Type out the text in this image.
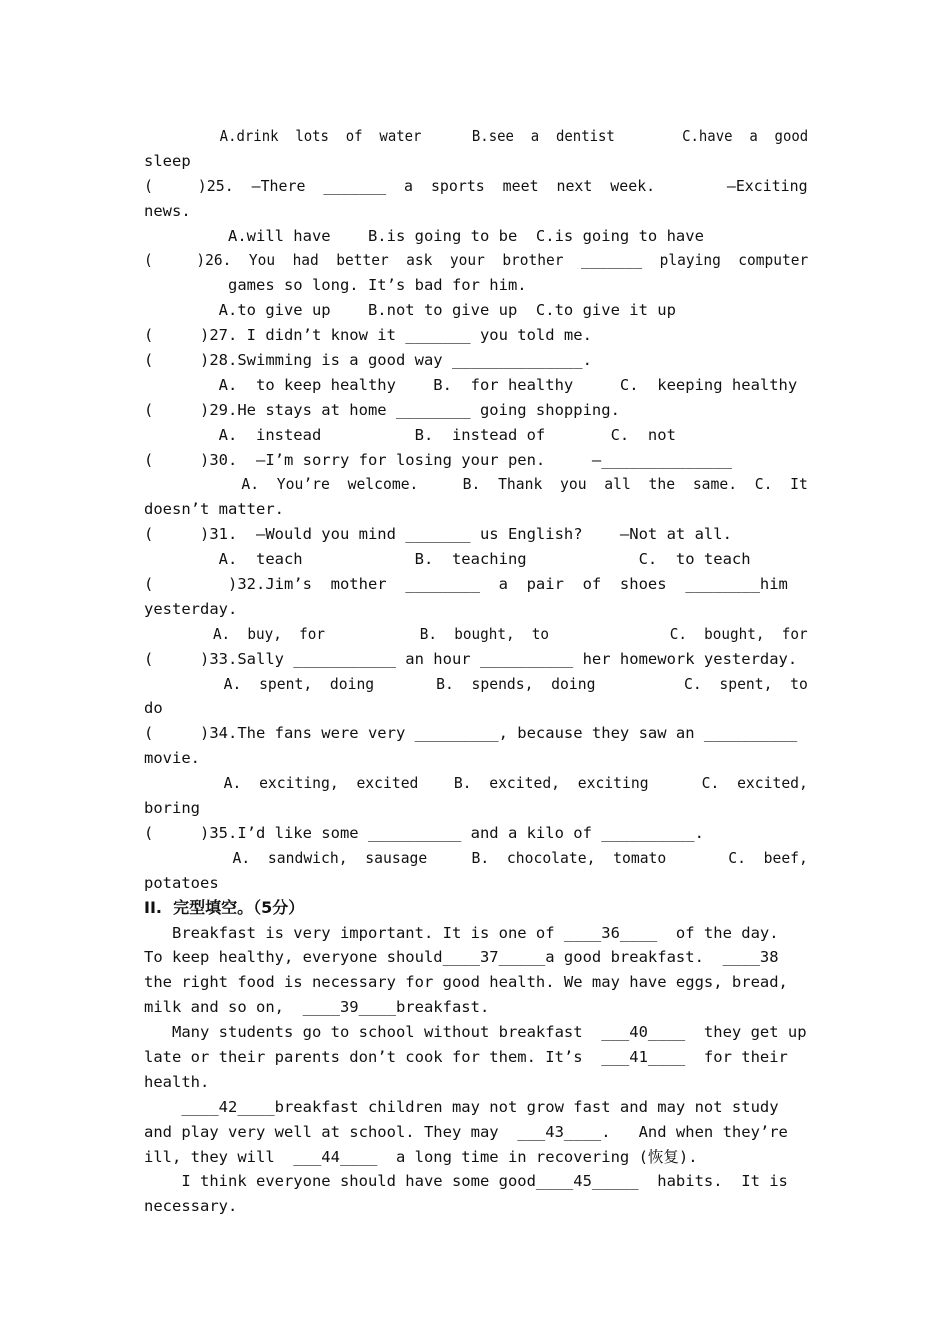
A.drink  lots  of  water      B.see  a  dentist        C.have  a  good
sleep
(     )25.  —There  _______  a  sports  meet  next  week.        —Exciting
news.
A.will have    B.is going to be  C.is going to have
(     )26.  You  had  better  ask  your  brother  _______  playing  computer
games so long. It’s bad for him.
A.to give up    B.not to give up  C.to give it up
(     )27. I didn’t know it _______ you told me.
(     )28.Swimming is a good way ______________.
A.  to keep healthy    B.  for healthy     C.  keeping healthy
(     )29.He stays at home ________ going shopping.
A.  instead          B.  instead of       C.  not
(     )30.  —I’m sorry for losing your pen.     —______________
A.  You’re  welcome.     B.  Thank  you  all  the  same.  C.  It
doesn’t matter.
(     )31.  —Would you mind _______ us English?    —Not at all.
A.  teach            B.  teaching            C.  to teach
(        )32.Jim’s  mother  ________  a  pair  of  shoes  ________him
yesterday.
A.  buy,  for           B.  bought,  to              C.  bought,  for
(     )33.Sally ___________ an hour __________ her homework yesterday.
A.  spent,  doing       B.  spends,  doing          C.  spent,  to
do
(     )34.The fans were very _________, because they saw an __________
movie.
A.  exciting,  excited    B.  excited,  exciting      C.  excited,
boring
(     )35.I’d like some __________ and a kilo of __________.
A.  sandwich,  sausage     B.  chocolate,  tomato       C.  beef,
potatoes
II.  完型填空。（5分）
Breakfast is very important. It is one of ____36____  of the day.
To keep healthy, everyone should____37_____a good breakfast.  ____38
the right food is necessary for good health. We may have eggs, bread,
milk and so on,  ____39____breakfast.
Many students go to school without breakfast  ___40____  they get up
late or their parents don’t cook for them. It’s  ___41____  for their
health.
____42____breakfast children may not grow fast and may not study
and play very well at school. They may  ___43____.   And when they’re
ill, they will  ___44____  a long time in recovering (恢复).
I think everyone should have some good____45_____  habits.  It is
necessary.
